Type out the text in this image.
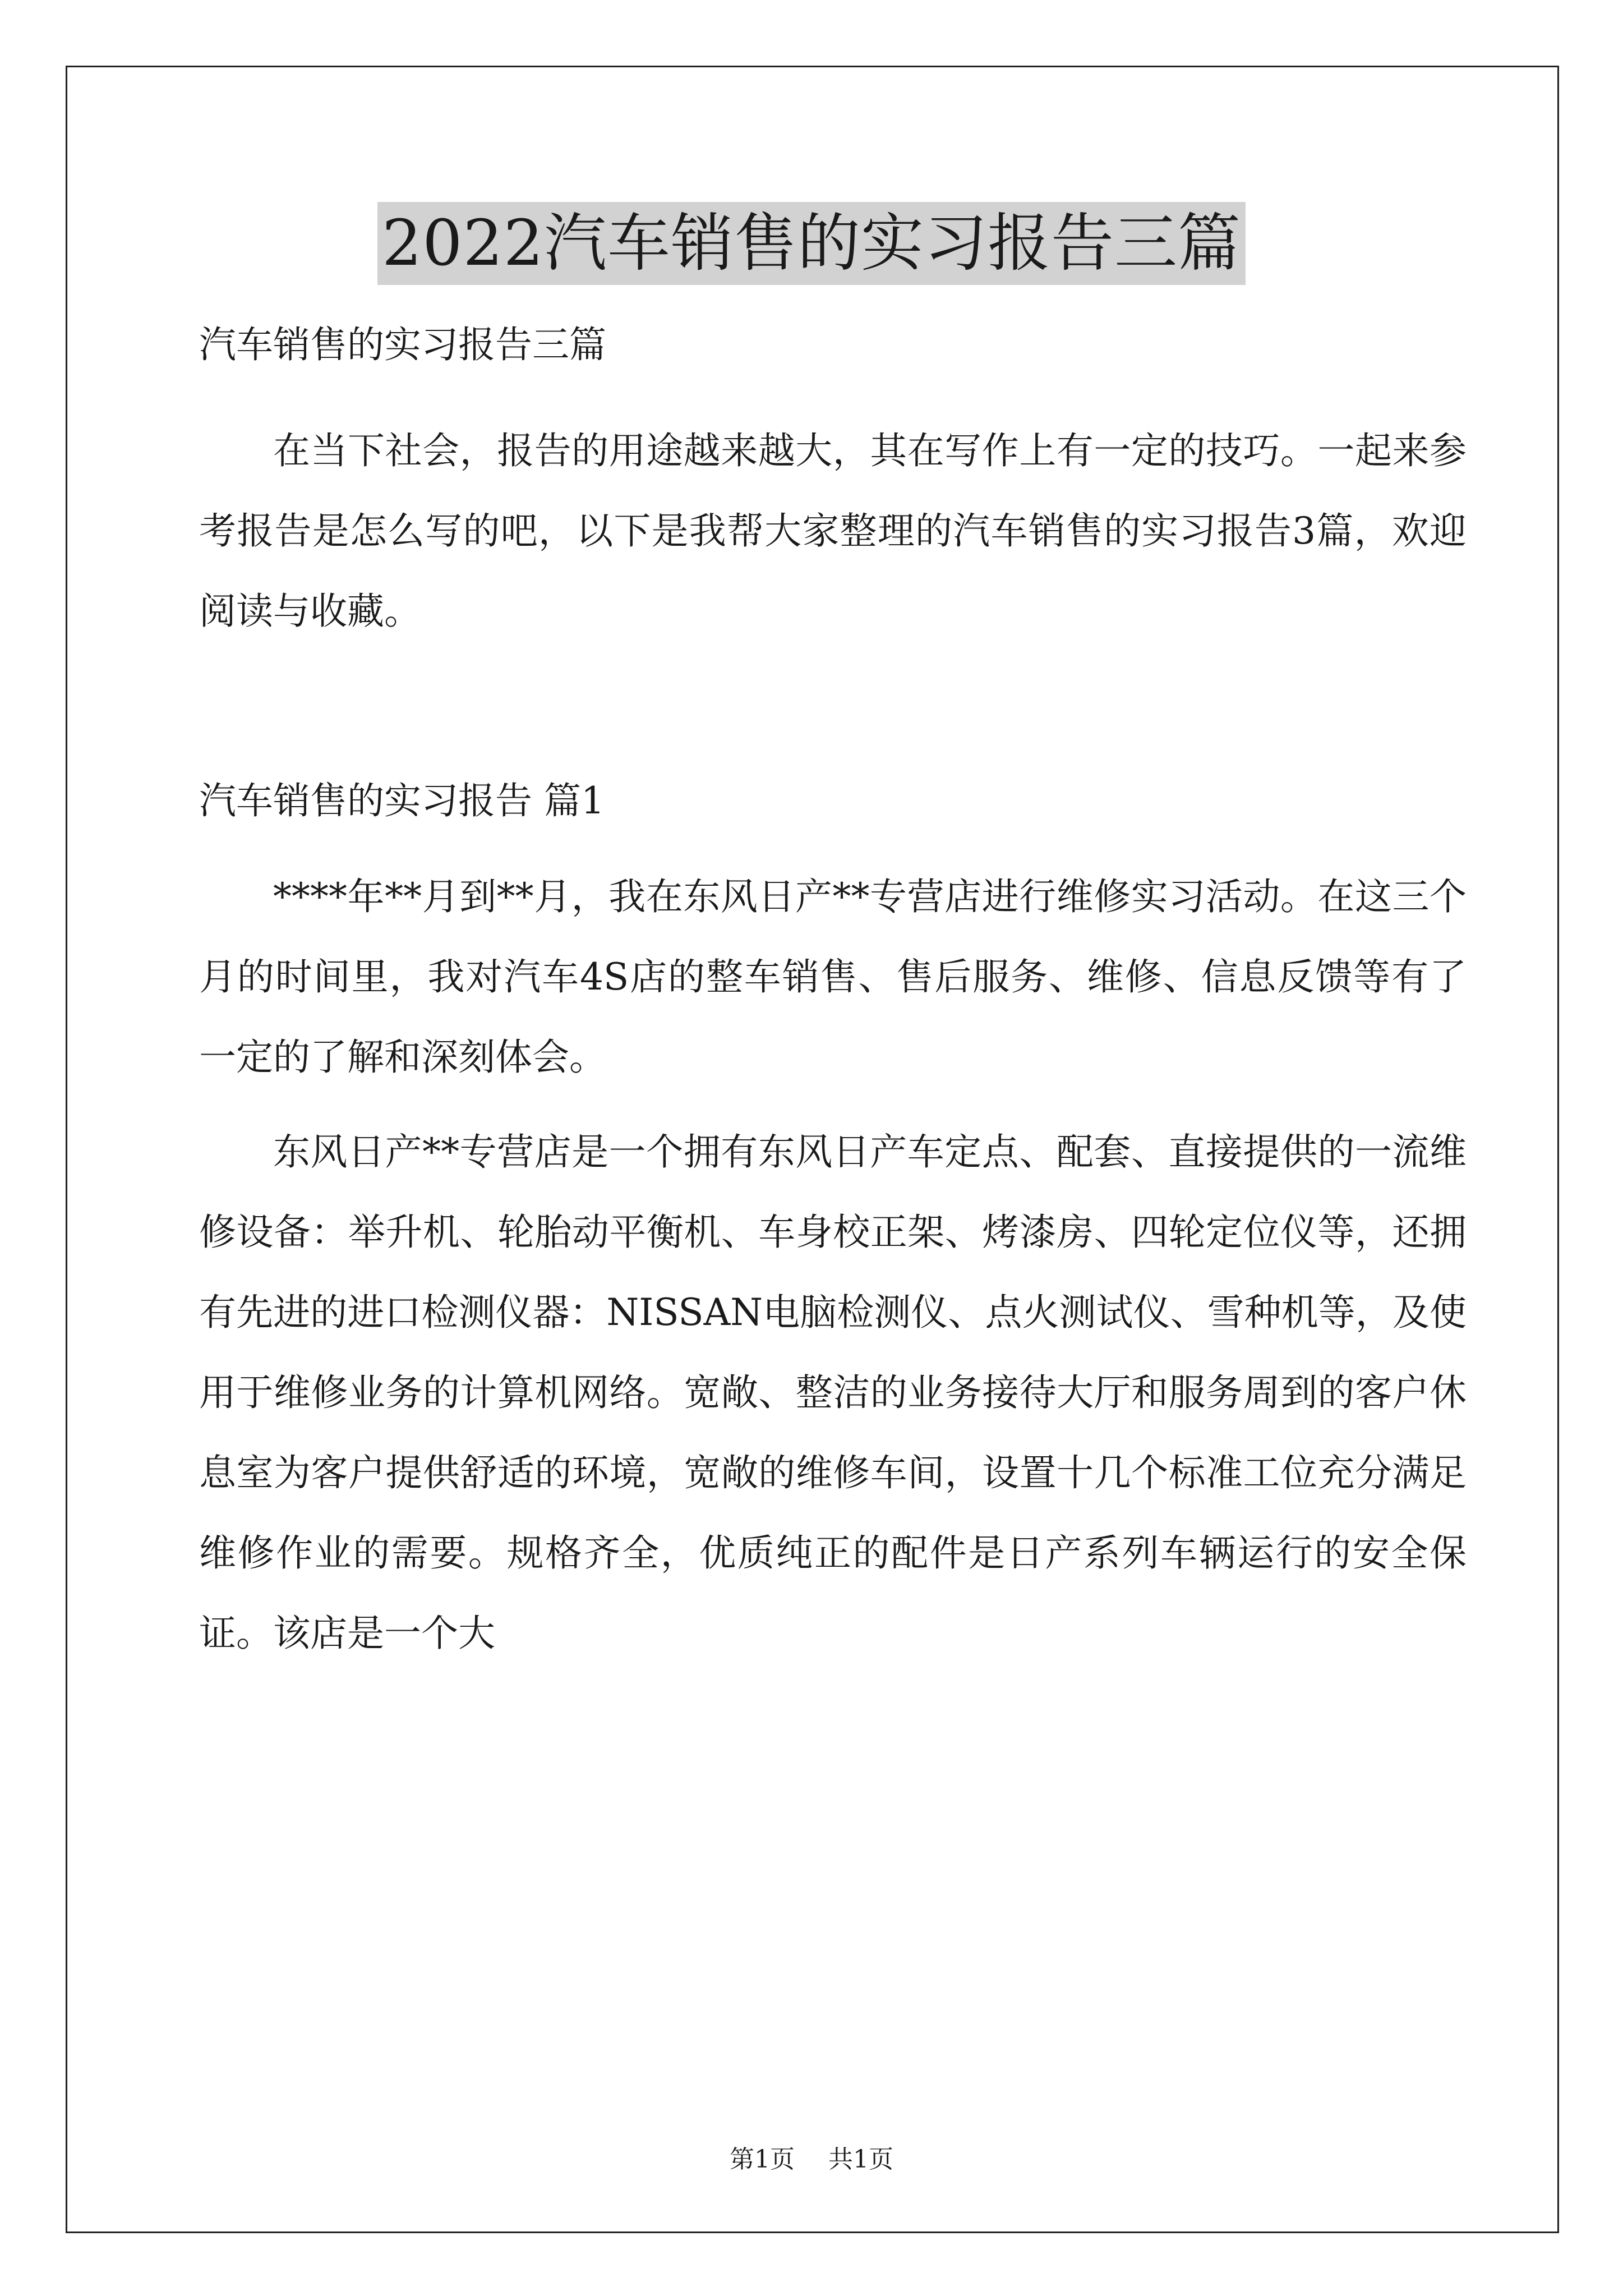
2022汽车销售的实习报告三篇
汽车销售的实习报告三篇

在当下社会，报告的用途越来越大，其在写作上有一定的技巧。一起来参考报告是怎么写的吧，以下是我帮大家整理的汽车销售的实习报告3篇，欢迎阅读与收藏。

汽车销售的实习报告 篇1

****年**月到**月，我在东风日产**专营店进行维修实习活动。在这三个月的时间里，我对汽车4S店的整车销售、售后服务、维修、信息反馈等有了一定的了解和深刻体会。

东风日产**专营店是一个拥有东风日产车定点、配套、直接提供的一流维修设备：举升机、轮胎动平衡机、车身校正架、烤漆房、四轮定位仪等，还拥有先进的进口检测仪器：NISSAN电脑检测仪、点火测试仪、雪种机等，及使用于维修业务的计算机网络。宽敞、整洁的业务接待大厅和服务周到的客户休息室为客户提供舒适的环境，宽敞的维修车间，设置十几个标准工位充分满足维修作业的需要。规格齐全，优质纯正的配件是日产系列车辆运行的安全保证。该店是一个大

第1页 共1页
